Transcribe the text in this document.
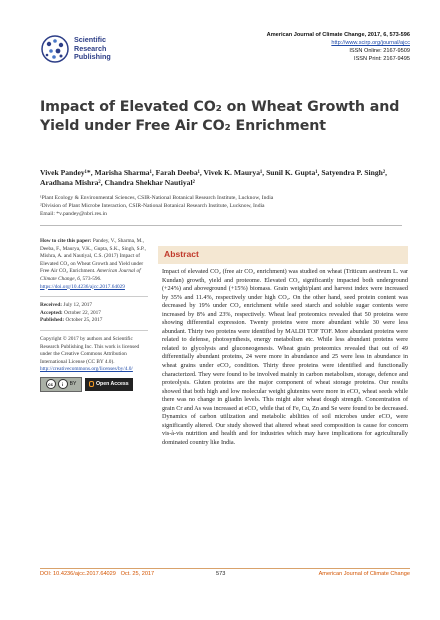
Scientific
Research
Publishing
American Journal of Climate Change, 2017, 6, 573-596
http://www.scirp.org/journal/ajcc
ISSN Online: 2167-9509
ISSN Print: 2167-9495
Impact of Elevated CO₂ on Wheat Growth and Yield under Free Air CO₂ Enrichment
Vivek Pandey¹*, Marisha Sharma¹, Farah Deeba¹, Vivek K. Maurya¹, Sunil K. Gupta¹, Satyendra P. Singh², Aradhana Mishra², Chandra Shekhar Nautiyal²
¹Plant Ecology & Environmental Sciences, CSIR-National Botanical Research Institute, Lucknow, India
²Division of Plant Microbe Interaction, CSIR-National Botanical Research Institute, Lucknow, India
Email: *v.pandey@nbri.res.in

How to cite this paper: Pandey, V., Sharma, M., Deeba, F., Maurya, V.K., Gupta, S.K., Singh, S.P., Mishra, A. and Nautiyal, C.S. (2017) Impact of Elevated CO₂ on Wheat Growth and Yield under Free Air CO₂ Enrichment. American Journal of Climate Change, 6, 573-596. https://doi.org/10.4236/ajcc.2017.64029

Received: July 12, 2017

Accepted: October 22, 2017

Published: October 25, 2017

Copyright © 2017 by authors and Scientific Research Publishing Inc. This work is licensed under the Creative Commons Attribution International License (CC BY 4.0).

http://creativecommons.org/licenses/by/4.0/

cc	i	BY	Open Access
Abstract
Impact of elevated CO₂ (free air CO₂ enrichment) was studied on wheat (Triticum aestivum L. var Kundan) growth, yield and proteome. Elevated CO₂ significantly impacted both underground (+24%) and aboveground (+15%) biomass. Grain weight/plant and harvest index were increased by 35% and 11.4%, respectively under high CO₂. On the other hand, seed protein content was decreased by 19% under CO₂ enrichment while seed starch and soluble sugar contents were increased by 8% and 23%, respectively. Wheat leaf proteomics revealed that 50 proteins were showing differential expression. Twenty proteins were more abundant while 30 were less abundant. Thirty two proteins were identified by MALDI TOF TOF. More abundant proteins were related to defense, photosynthesis, energy metabolism etc. While less abundant proteins were related to glycolysis and gluconeogenesis. Wheat grain proteomics revealed that out of 49 differentially abundant proteins, 24 were more in abundance and 25 were less in abundance in wheat grains under eCO₂ condition. Thirty three proteins were identified and functionally characterized. They were found to be involved mainly in carbon metabolism, storage, defence and proteolysis. Gluten proteins are the major component of wheat storage proteins. Our results showed that both high and low molecular weight glutenins were more in eCO₂ wheat seeds while there was no change in gliadin levels. This might alter wheat dough strength. Concentration of grain Cr and As was increased at eCO₂ while that of Fe, Cu, Zn and Se were found to be decreased. Dynamics of carbon utilization and metabolic abilities of soil microbes under eCO₂ were significantly altered. Our study showed that altered wheat seed composition is cause for concern vis-à-vis nutrition and health and for industries which may have implications for agriculturally dominated country like India.
DOI: 10.4236/ajcc.2017.64029 Oct. 25, 2017	573	American Journal of Climate Change
